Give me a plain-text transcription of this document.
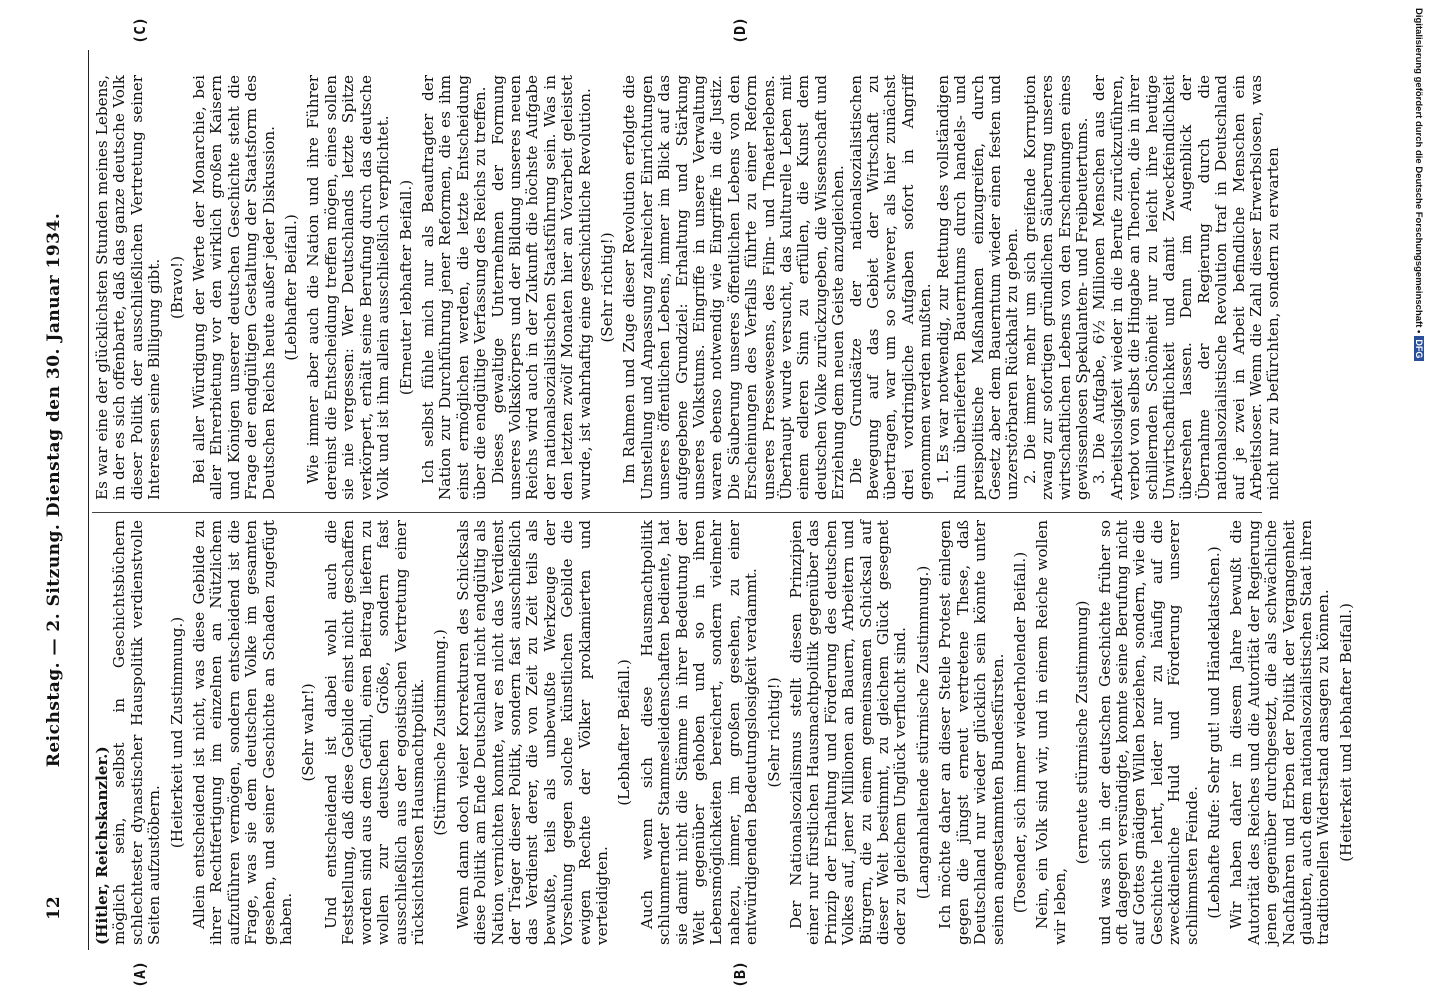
12
Reichstag. — 2. Sitzung. Dienstag den 30. Januar 1934.
(A)	(B)
(C)	(D)

(Hitler, Reichskanzler.) möglich sein, selbst in Geschichtsbüchern schlechtester dynastischer Hauspolitik verdienstvolle Seiten aufzustöbern.

(Heiterkeit und Zustimmung.) Allein entscheidend ist nicht, was diese Gebilde zu ihrer Rechtfertigung im einzelnen an Nützlichem aufzuführen vermögen, sondern entscheidend ist die Frage, was sie dem deutschen Volke im gesamten gesehen, und seiner Geschichte an Schaden zugefügt haben.

(Sehr wahr!) Und entscheidend ist dabei wohl auch die Feststellung, daß diese Gebilde einst nicht geschaffen worden sind aus dem Gefühl, einen Beitrag liefern zu wollen zur deutschen Größe, sondern fast ausschließlich aus der egoistischen Vertretung einer rücksichtslosen Hausmachtpolitik. (Stürmische Zustimmung.) Wenn dann doch vieler Korrekturen des Schicksals diese Politik am Ende Deutschland nicht endgültig als Nation vernichten konnte, war es nicht das Verdienst der Träger dieser Politik, sondern fast ausschließlich das Verdienst derer, die von Zeit zu Zeit teils als bewußte, teils als unbewußte Werkzeuge der Vorsehung gegen solche künstlichen Gebilde die ewigen Rechte der Völker proklamierten und verteidigten.

(Lebhafter Beifall.) Auch wenn sich diese Hausmachtpolitik schlummernder Stammesleidenschaften bediente, hat sie damit nicht die Stämme in ihrer Bedeutung der Welt gegenüber gehoben und so in ihren Lebensmöglichkeiten bereichert, sondern vielmehr nahezu, immer, im großen gesehen, zu einer entwürdigenden Bedeutungslosigkeit verdammt. (Sehr richtig!) Der Nationalsozialismus stellt diesen Prinzipien einer nur fürstlichen Hausmachtpolitik gegenüber das Prinzip der Erhaltung und Förderung des deutschen Volkes auf, jener Millionen an Bauern, Arbeitern und Bürgern, die zu einem gemeinsamen Schicksal auf dieser Welt bestimmt, zu gleichem Glück gesegnet oder zu gleichem Unglück verflucht sind. (Langanhaltende stürmische Zustimmung.) Ich möchte daher an dieser Stelle Protest einlegen gegen die jüngst erneut vertretene These, daß Deutschland nur wieder glücklich sein könnte unter seinen angestammten Bundesfürsten. (Tosender, sich immer wiederholender Beifall.) Nein, ein Volk sind wir, und in einem Reiche wollen wir leben,

(erneute stürmische Zustimmung) und was sich in der deutschen Geschichte früher so oft dagegen versündigte, konnte seine Berufung nicht auf Gottes gnädigen Willen beziehen, sondern, wie die Geschichte lehrt, leider nur zu häufig auf die zweckdienliche Huld und Förderung unserer schlimmsten Feinde. (Lebhafte Rufe: Sehr gut! und Händeklatschen.) Wir haben daher in diesem Jahre bewußt die Autorität des Reiches und die Autorität der Regierung jenen gegenüber durchgesetzt, die als schwächliche Nachfahren und Erben der Politik der Vergangenheit glaubten, auch dem nationalsozialistischen Staat ihren traditionellen Widerstand ansagen zu können. (Heiterkeit und lebhafter Beifall.)

Es war eine der glücklichsten Stunden meines Lebens, in der es sich offenbarte, daß das ganze deutsche Volk dieser Politik der ausschließlichen Vertretung seiner Interessen seine Billigung gibt. (Bravo!) Bei aller Würdigung der Werte der Monarchie, bei aller Ehrerbietung vor den wirklich großen Kaisern und Königen unserer deutschen Geschichte steht die Frage der endgültigen Gestaltung der Staatsform des Deutschen Reichs heute außer jeder Diskussion. (Lebhafter Beifall.) Wie immer aber auch die Nation und ihre Führer dereinst die Entscheidung treffen mögen, eines sollen sie nie vergessen: Wer Deutschlands letzte Spitze verkörpert, erhält seine Berufung durch das deutsche Volk und ist ihm allein ausschließlich verpflichtet. (Erneuter lebhafter Beifall.) Ich selbst fühle mich nur als Beauftragter der Nation zur Durchführung jener Reformen, die es ihm einst ermöglichen werden, die letzte Entscheidung über die endgültige Verfassung des Reichs zu treffen. Dieses gewaltige Unternehmen der Formung unseres Volkskörpers und der Bildung unseres neuen Reichs wird auch in der Zukunft die höchste Aufgabe der nationalsozialistischen Staatsführung sein. Was in den letzten zwölf Monaten hier an Vorarbeit geleistet wurde, ist wahrhaftig eine geschichtliche Revolution. (Sehr richtig!) Im Rahmen und Zuge dieser Revolution erfolgte die Umstellung und Anpassung zahlreicher Einrichtungen unseres öffentlichen Lebens, immer im Blick auf das aufgegebene Grundziel: Erhaltung und Stärkung unseres Volkstums. Eingriffe in unsere Verwaltung waren ebenso notwendig wie Eingriffe in die Justiz. Die Säuberung unseres öffentlichen Lebens von den Erscheinungen des Verfalls führte zu einer Reform unseres Pressewesens, des Film- und Theaterlebens. Überhaupt wurde versucht, das kulturelle Leben mit einem edleren Sinn zu erfüllen, die Kunst dem deutschen Volke zurückzugeben, die Wissenschaft und Erziehung dem neuen Geiste anzugleichen. Die Grundsätze der nationalsozialistischen Bewegung auf das Gebiet der Wirtschaft zu übertragen, war um so schwerer, als hier zunächst drei vordringliche Aufgaben sofort in Angriff genommen werden mußten. 1. Es war notwendig, zur Rettung des vollständigen Ruin überlieferten Bauerntums durch handels- und preispolitische Maßnahmen einzugreifen, durch Gesetz aber dem Bauerntum wieder einen festen und unzerstörbaren Rückhalt zu geben. 2. Die immer mehr um sich greifende Korruption zwang zur sofortigen gründlichen Säuberung unseres wirtschaftlichen Lebens von den Erscheinungen eines gewissenlosen Spekulanten- und Freibeutertums. 3. Die Aufgabe, 6½ Millionen Menschen aus der Arbeitslosigkeit wieder in die Berufe zurückzuführen, verbot von selbst die Hingabe an Theorien, die in ihrer schillernden Schönheit nur zu leicht ihre heutige Unwirtschaftlichkeit und damit Zweckfeindlichkeit übersehen lassen. Denn im Augenblick der Übernahme der Regierung durch die nationalsozialistische Revolution traf in Deutschland auf je zwei in Arbeit befindliche Menschen ein Arbeitsloser. Wenn die Zahl dieser Erwerbslosen, was nicht nur zu befürchten, sondern zu erwarten	Digitalisierung gefördert durch die Deutsche Forschungsgemeinschaft •DFG
